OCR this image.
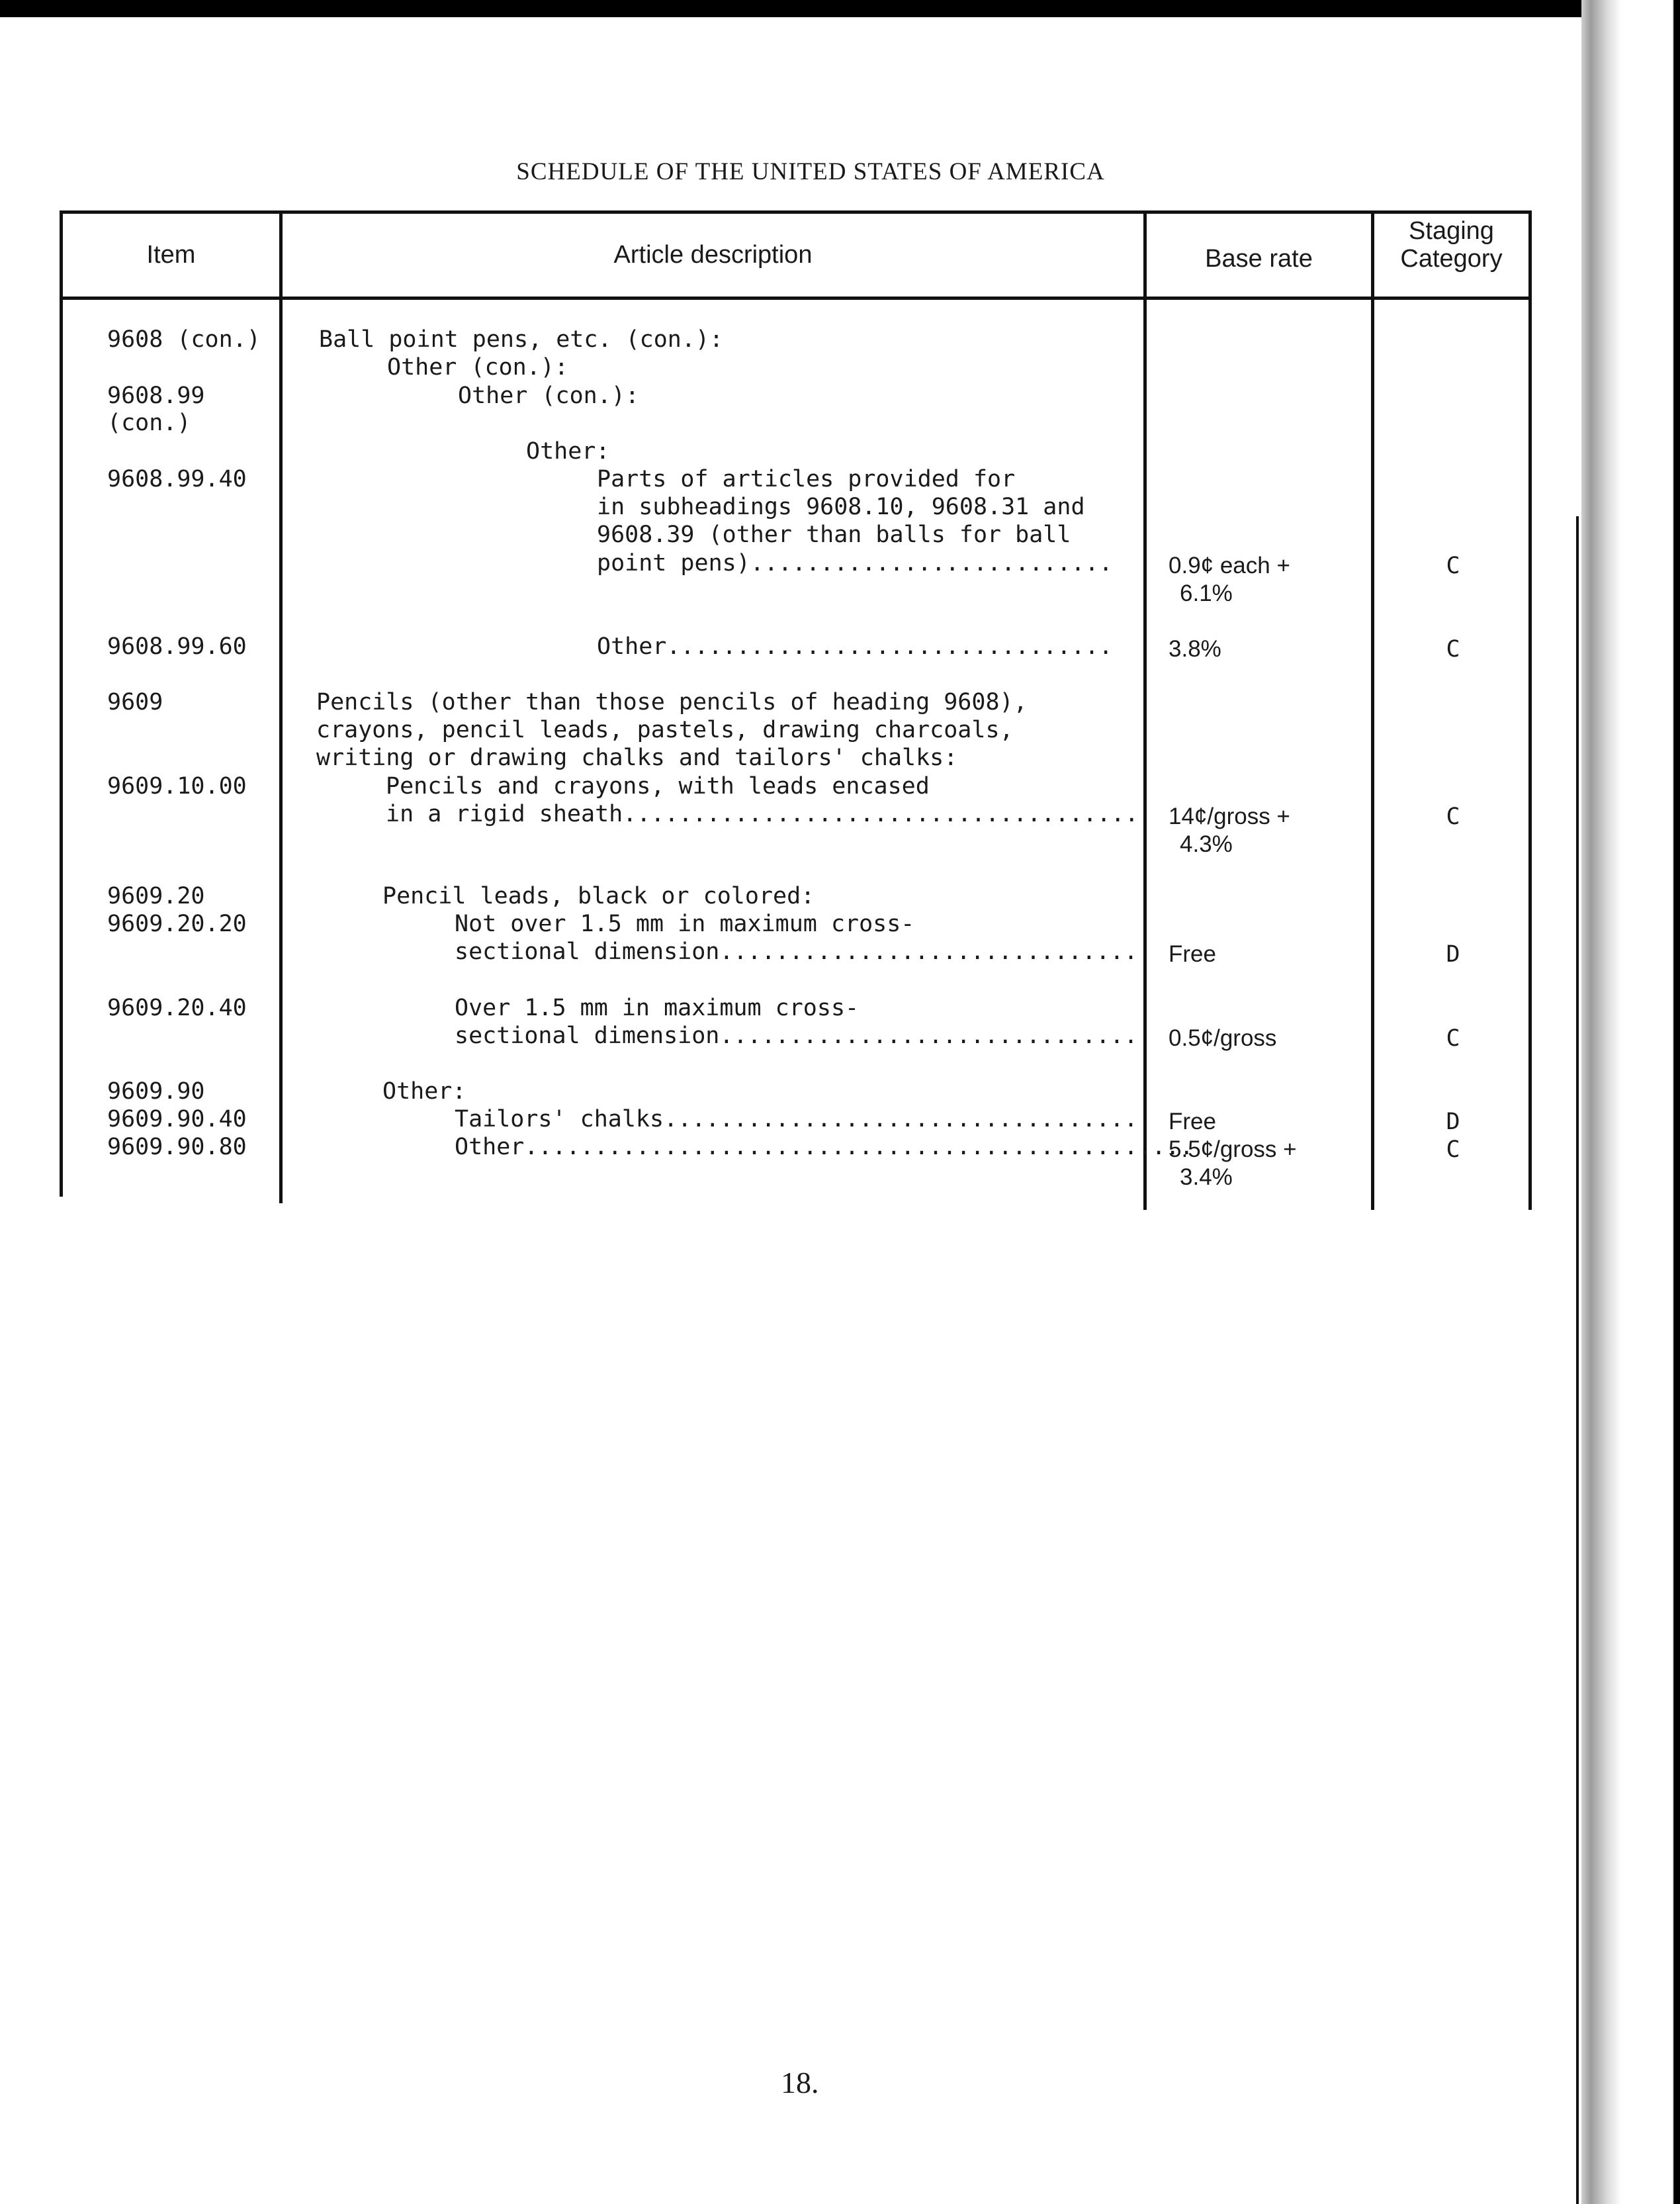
SCHEDULE OF THE UNITED STATES OF AMERICA
Item	Article description	Base rate
Staging
Category
9608 (con.)
9608.99
(con.)
9608.99.40
9608.99.60
9609
9609.10.00
9609.20
9609.20.20
9609.20.40
9609.90
9609.90.40
9609.90.80
Ball point pens, etc. (con.):
Other (con.):
Other (con.):
Other:
Parts of articles provided for
in subheadings 9608.10, 9608.31 and
9608.39 (other than balls for ball
point pens)..........................
Other................................
Pencils (other than those pencils of heading 9608),
crayons, pencil leads, pastels, drawing charcoals,
writing or drawing chalks and tailors' chalks:
Pencils and crayons, with leads encased
in a rigid sheath.....................................
Pencil leads, black or colored:
Not over 1.5 mm in maximum cross-
sectional dimension..............................
Over 1.5 mm in maximum cross-
sectional dimension..............................
Other:
Tailors' chalks..................................
Other................................................
0.9¢ each +
6.1%
3.8%
14¢/gross +
4.3%
Free
0.5¢/gross
Free
5.5¢/gross +
3.4%
C
C
C
D
C
D
C
18.
